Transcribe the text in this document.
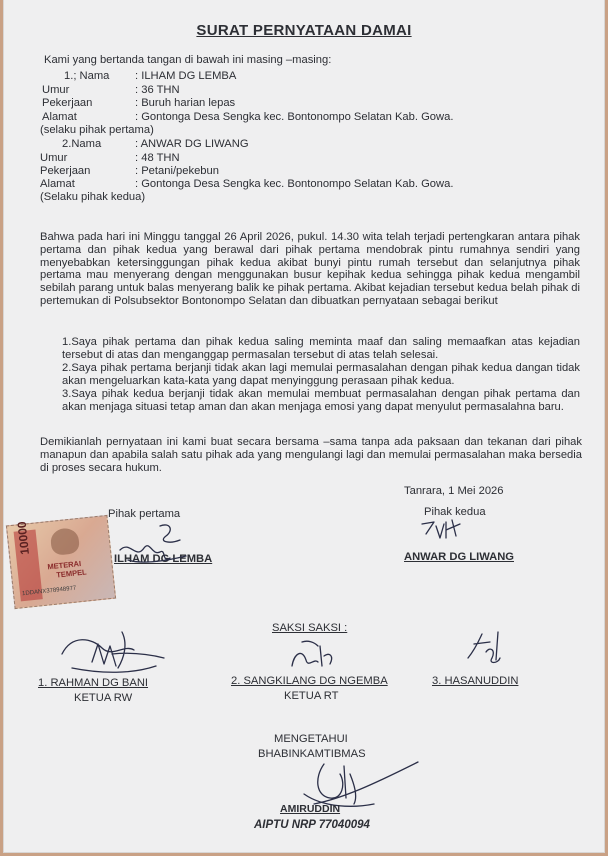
SURAT PERNYATAAN DAMAI
Kami yang bertanda tangan di bawah ini masing –masing:
1.; Nama : ILHAM DG LEMBA
Umur	: 36 THN
Pekerjaan	: Buruh harian lepas
Alamat	: Gontonga Desa Sengka kec. Bontonompo Selatan Kab. Gowa.
(selaku pihak pertama)
2.Nama	: ANWAR DG LIWANG
Umur	: 48 THN
Pekerjaan	: Petani/pekebun
Alamat	: Gontonga Desa Sengka kec. Bontonompo Selatan Kab. Gowa.
(Selaku pihak kedua)
Bahwa pada hari ini Minggu tanggal 26 April 2026, pukul. 14.30 wita telah terjadi pertengkaran antara pihak pertama dan pihak kedua yang berawal dari pihak pertama mendobrak pintu rumahnya sendiri yang menyebabkan ketersinggungan pihak kedua akibat bunyi pintu rumah tersebut dan selanjutnya pihak pertama mau menyerang dengan menggunakan busur kepihak kedua sehingga pihak kedua mengambil sebilah parang untuk balas menyerang balik ke pihak pertama. Akibat kejadian tersebut kedua belah pihak di pertemukan di Polsubsektor Bontonompo Selatan dan dibuatkan pernyataan sebagai berikut
1.Saya pihak pertama dan pihak kedua saling meminta maaf dan saling memaafkan atas kejadian tersebut di atas dan menganggap permasalan tersebut di atas telah selesai.
2.Saya pihak pertama berjanji tidak akan lagi memulai permasalahan dengan pihak kedua dangan tidak akan mengeluarkan kata-kata yang dapat menyinggung perasaan pihak kedua.
3.Saya pihak kedua berjanji tidak akan memulai membuat permasalahan dengan pihak pertama dan akan menjaga situasi tetap aman dan akan menjaga emosi yang dapat menyulut permasalahna baru.
Demikianlah pernyataan ini kami buat secara bersama –sama tanpa ada paksaan dan tekanan dari pihak manapun dan apabila salah satu pihak ada yang mengulangi lagi dan memulai permasalahan maka bersedia di proses secara hukum.
Tanrara, 1 Mei 2026
Pihak pertama	Pihak kedua
10000
METERAI
TEMPEL
1DDANX378948977
ILHAM DG LEMBA	ANWAR DG LIWANG
SAKSI SAKSI :
1. RAHMAN DG BANI
KETUA RW
2. SANGKILANG DG NGEMBA
KETUA RT
3. HASANUDDIN
MENGETAHUI
BHABINKAMTIBMAS
AMIRUDDIN
AIPTU NRP 77040094
